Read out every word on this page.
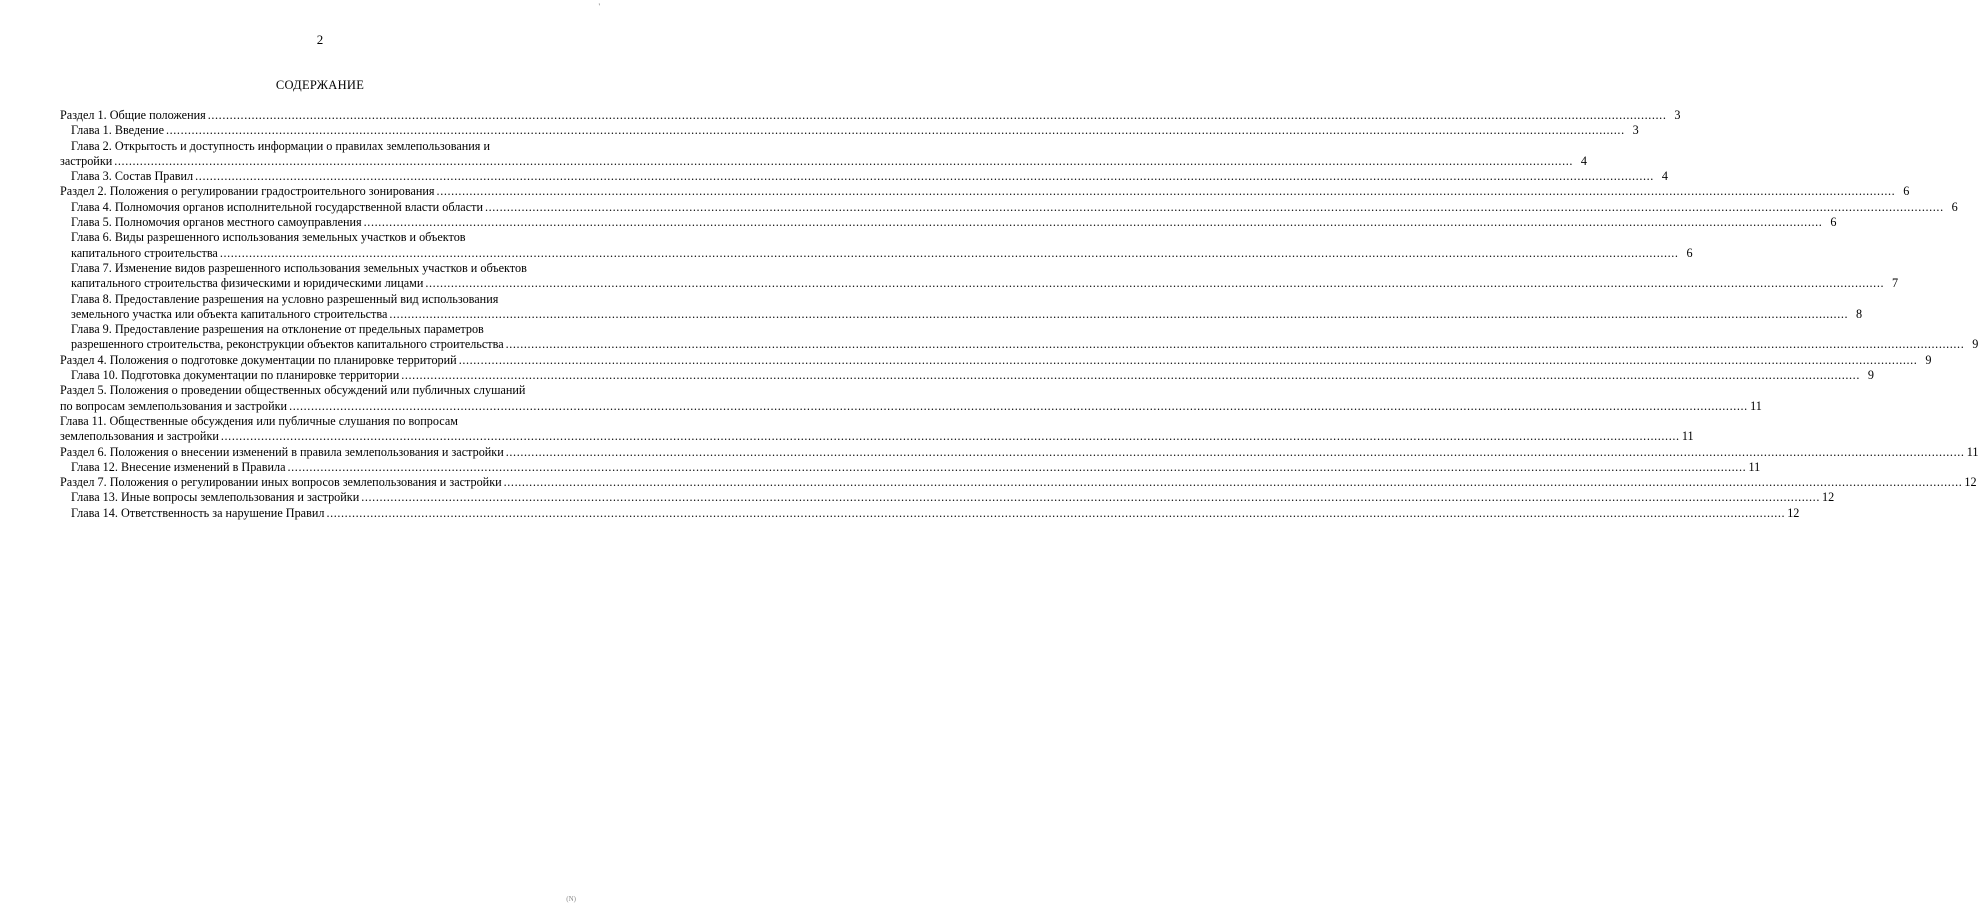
'
2
СОДЕРЖАНИЕ
Раздел 1. Общие положения ................................................................................................................................................................................................................................................................................................................................................................................................................ 3
Глава 1. Введение ................................................................................................................................................................................................................................................................................................................................................................................................................ 3
Глава 2. Открытость и доступность информации о правилах землепользования и
застройки ................................................................................................................................................................................................................................................................................................................................................................................................................ 4
Глава 3. Состав Правил ................................................................................................................................................................................................................................................................................................................................................................................................................ 4
Раздел 2. Положения о регулировании градостроительного зонирования ................................................................................................................................................................................................................................................................................................................................................................................................................ 6
Глава 4. Полномочия органов исполнительной государственной власти области ................................................................................................................................................................................................................................................................................................................................................................................................................ 6
Глава 5. Полномочия органов местного самоуправления ................................................................................................................................................................................................................................................................................................................................................................................................................ 6
Глава 6. Виды разрешенного использования земельных участков и объектов
капитального строительства ................................................................................................................................................................................................................................................................................................................................................................................................................ 6
Глава 7. Изменение видов разрешенного использования земельных участков и объектов
капитального строительства физическими и юридическими лицами ................................................................................................................................................................................................................................................................................................................................................................................................................ 7
Глава 8. Предоставление разрешения на условно разрешенный вид использования
земельного участка или объекта капитального строительства ................................................................................................................................................................................................................................................................................................................................................................................................................ 8
Глава 9. Предоставление разрешения на отклонение от предельных параметров
разрешенного строительства, реконструкции объектов капитального строительства ................................................................................................................................................................................................................................................................................................................................................................................................................ 9
Раздел 4. Положения о подготовке документации по планировке территорий ................................................................................................................................................................................................................................................................................................................................................................................................................ 9
Глава 10. Подготовка документации по планировке территории ................................................................................................................................................................................................................................................................................................................................................................................................................ 9
Раздел 5. Положения о проведении общественных обсуждений или публичных слушаний
по вопросам землепользования и застройки ................................................................................................................................................................................................................................................................................................................................................................................................................ 11
Глава 11. Общественные обсуждения или публичные слушания по вопросам
землепользования и застройки ................................................................................................................................................................................................................................................................................................................................................................................................................ 11
Раздел 6. Положения о внесении изменений в правила землепользования и застройки ................................................................................................................................................................................................................................................................................................................................................................................................................ 11
Глава 12. Внесение изменений в Правила ................................................................................................................................................................................................................................................................................................................................................................................................................ 11
Раздел 7. Положения о регулировании иных вопросов землепользования и застройки ................................................................................................................................................................................................................................................................................................................................................................................................................ 12
Глава 13. Иные вопросы землепользования и застройки ................................................................................................................................................................................................................................................................................................................................................................................................................ 12
Глава 14. Ответственность за нарушение Правил ................................................................................................................................................................................................................................................................................................................................................................................................................ 12
(N)
